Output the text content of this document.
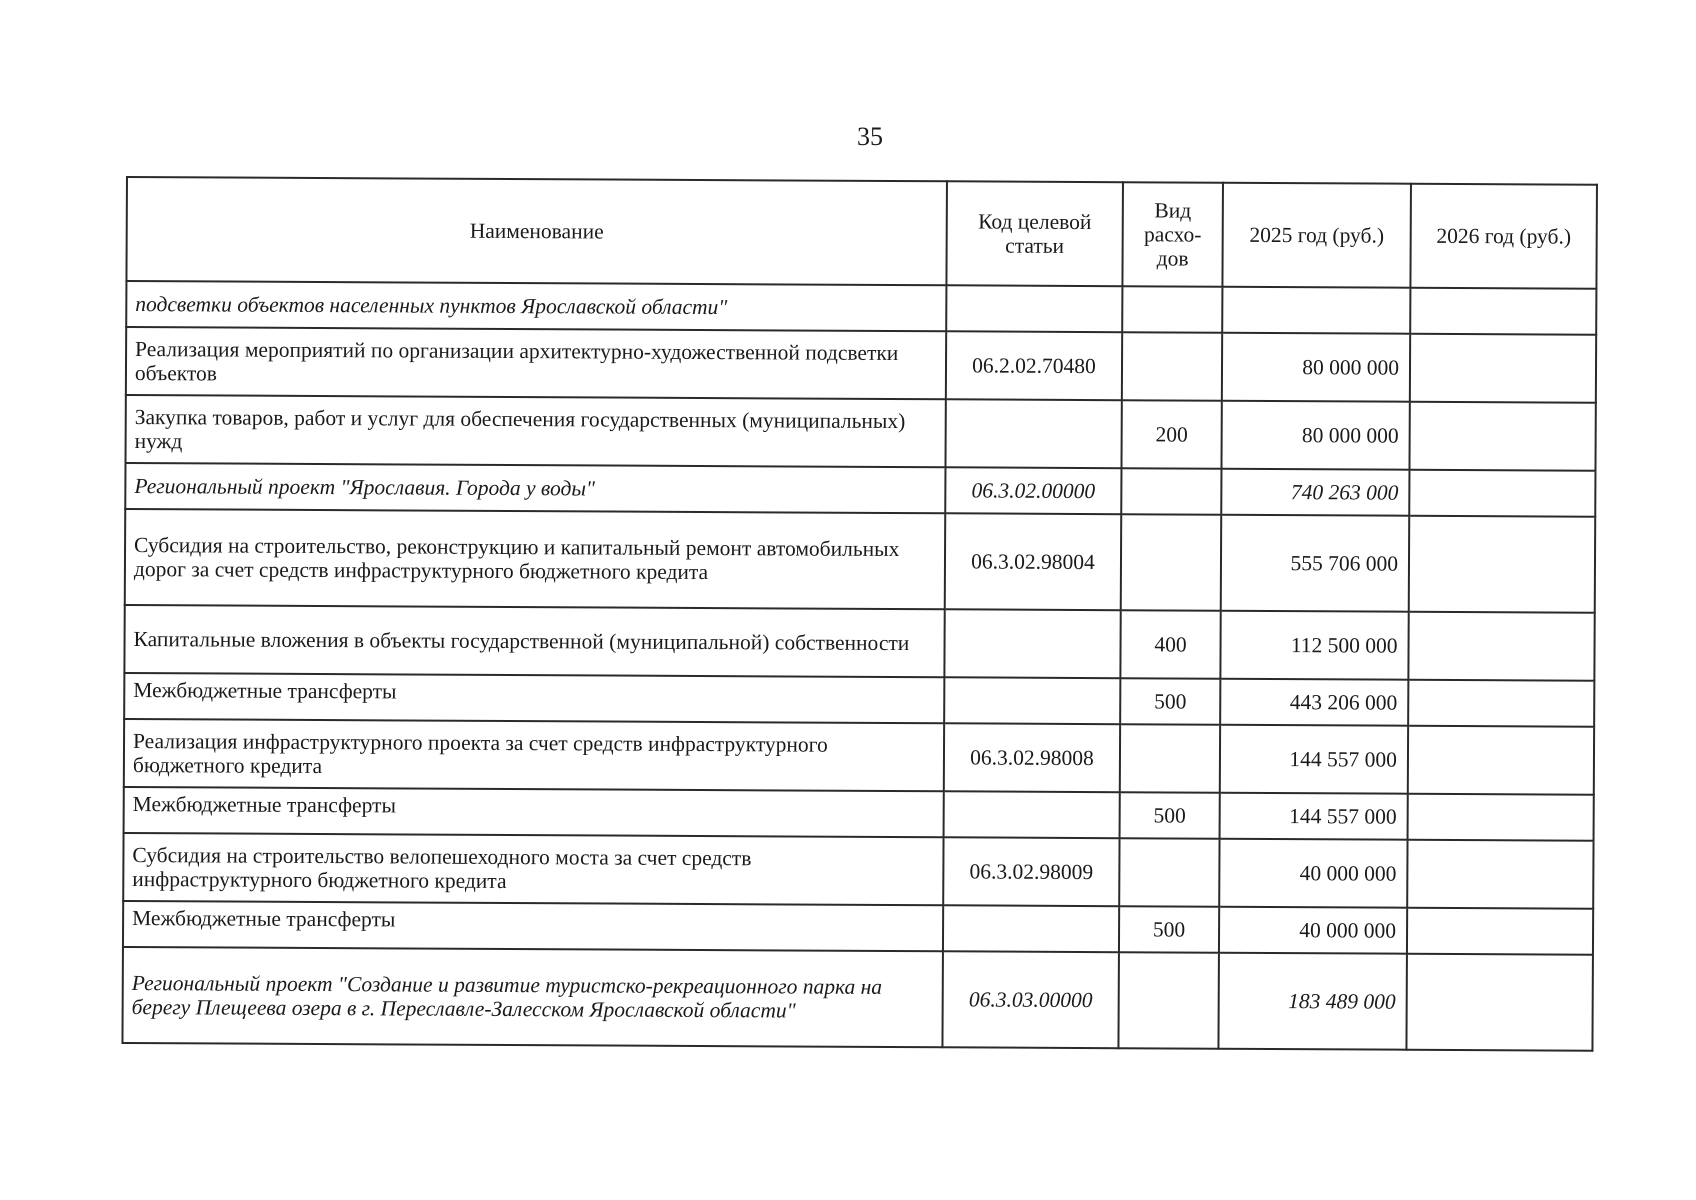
35
Наименование	Код целевой статьи	Вид расхо-дов	2025 год (руб.)	2026 год (руб.)
подсветки объектов населенных пунктов Ярославской области"				
Реализация мероприятий по организации архитектурно-художественной подсветки объектов	06.2.02.70480		80 000 000	
Закупка товаров, работ и услуг для обеспечения государственных (муниципальных) нужд		200	80 000 000	
Региональный проект "Ярославия. Города у воды"	06.3.02.00000		740 263 000	
Субсидия на строительство, реконструкцию и капитальный ремонт автомобильных дорог за счет средств инфраструктурного бюджетного кредита	06.3.02.98004		555 706 000	
Капитальные вложения в объекты государственной (муниципальной) собственности		400	112 500 000	
Межбюджетные трансферты		500	443 206 000	
Реализация инфраструктурного проекта за счет средств инфраструктурного бюджетного кредита	06.3.02.98008		144 557 000	
Межбюджетные трансферты		500	144 557 000	
Субсидия на строительство велопешеходного моста за счет средств инфраструктурного бюджетного кредита	06.3.02.98009		40 000 000	
Межбюджетные трансферты		500	40 000 000	
Региональный проект "Создание и развитие туристско-рекреационного парка на берегу Плещеева озера в г. Переславле-Залесском Ярославской области"	06.3.03.00000		183 489 000	
